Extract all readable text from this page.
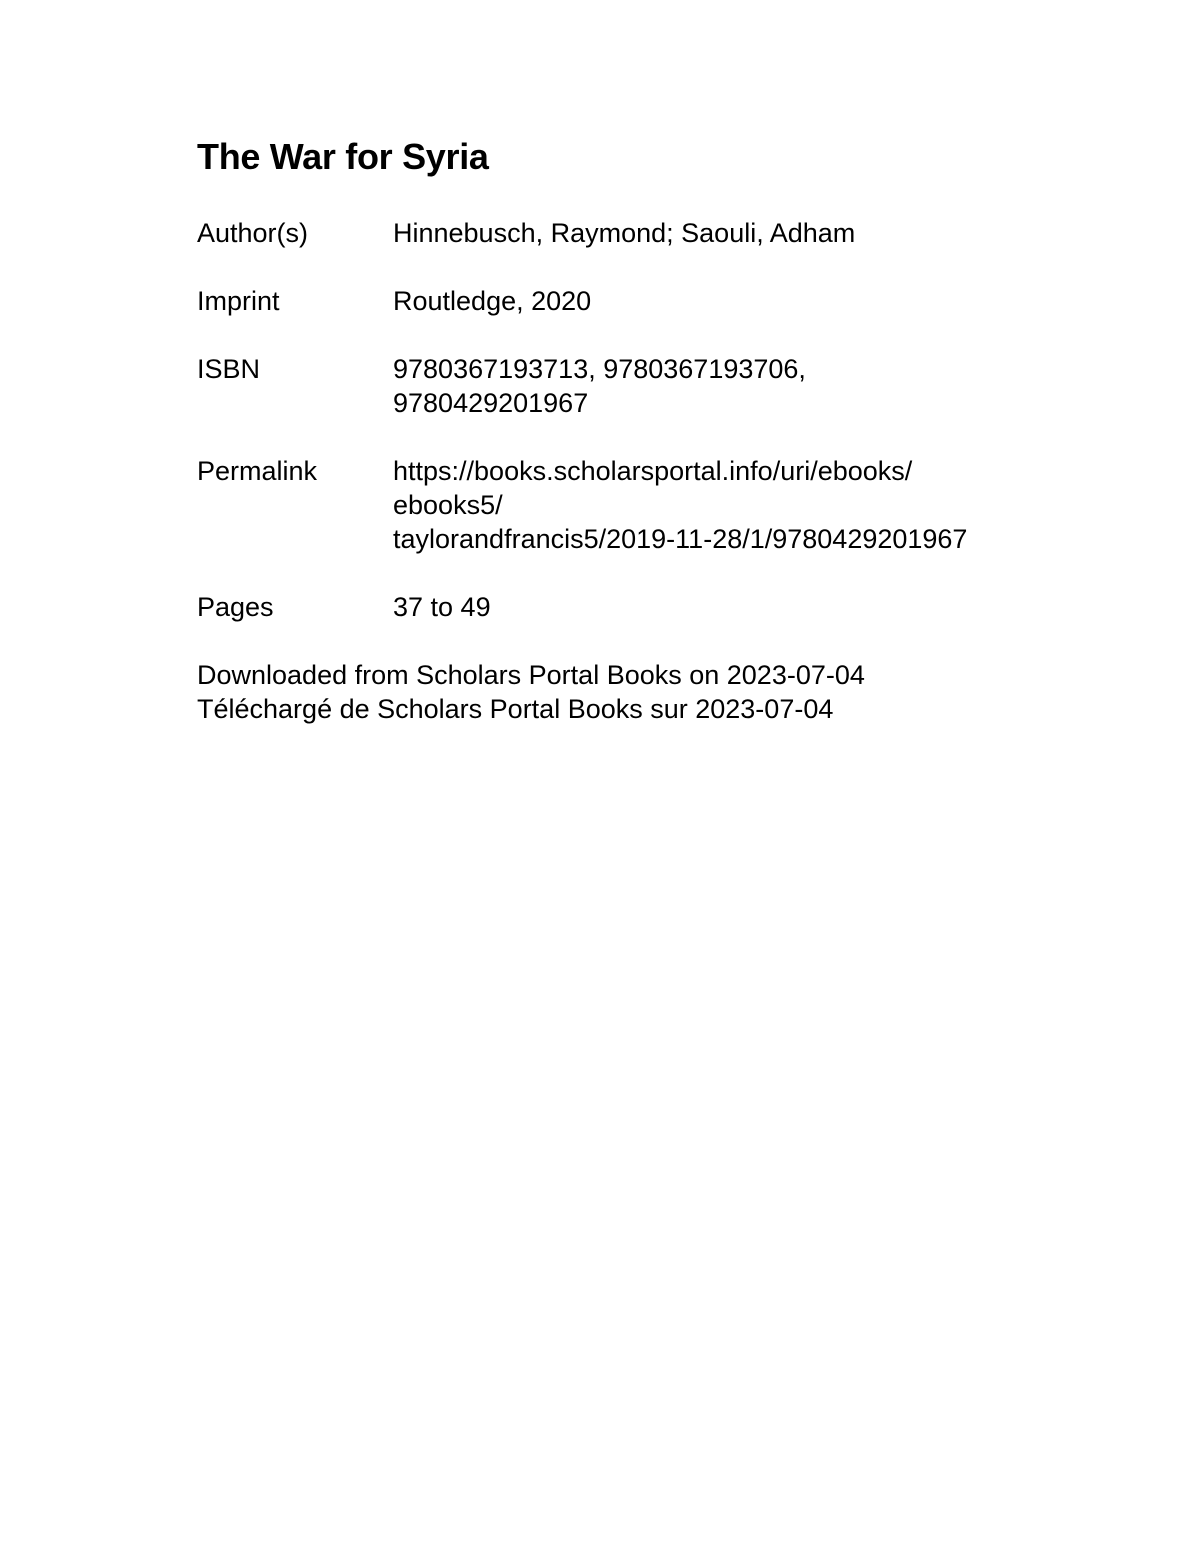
The War for Syria
Author(s)	Hinnebusch, Raymond; Saouli, Adham
Imprint	Routledge, 2020
ISBN	9780367193713, 9780367193706,
9780429201967
Permalink	https://books.scholarsportal.info/uri/ebooks/
ebooks5/
taylorandfrancis5/2019-11-28/1/9780429201967
Pages	37 to 49
Downloaded from Scholars Portal Books on 2023-07-04
Téléchargé de Scholars Portal Books sur 2023-07-04
